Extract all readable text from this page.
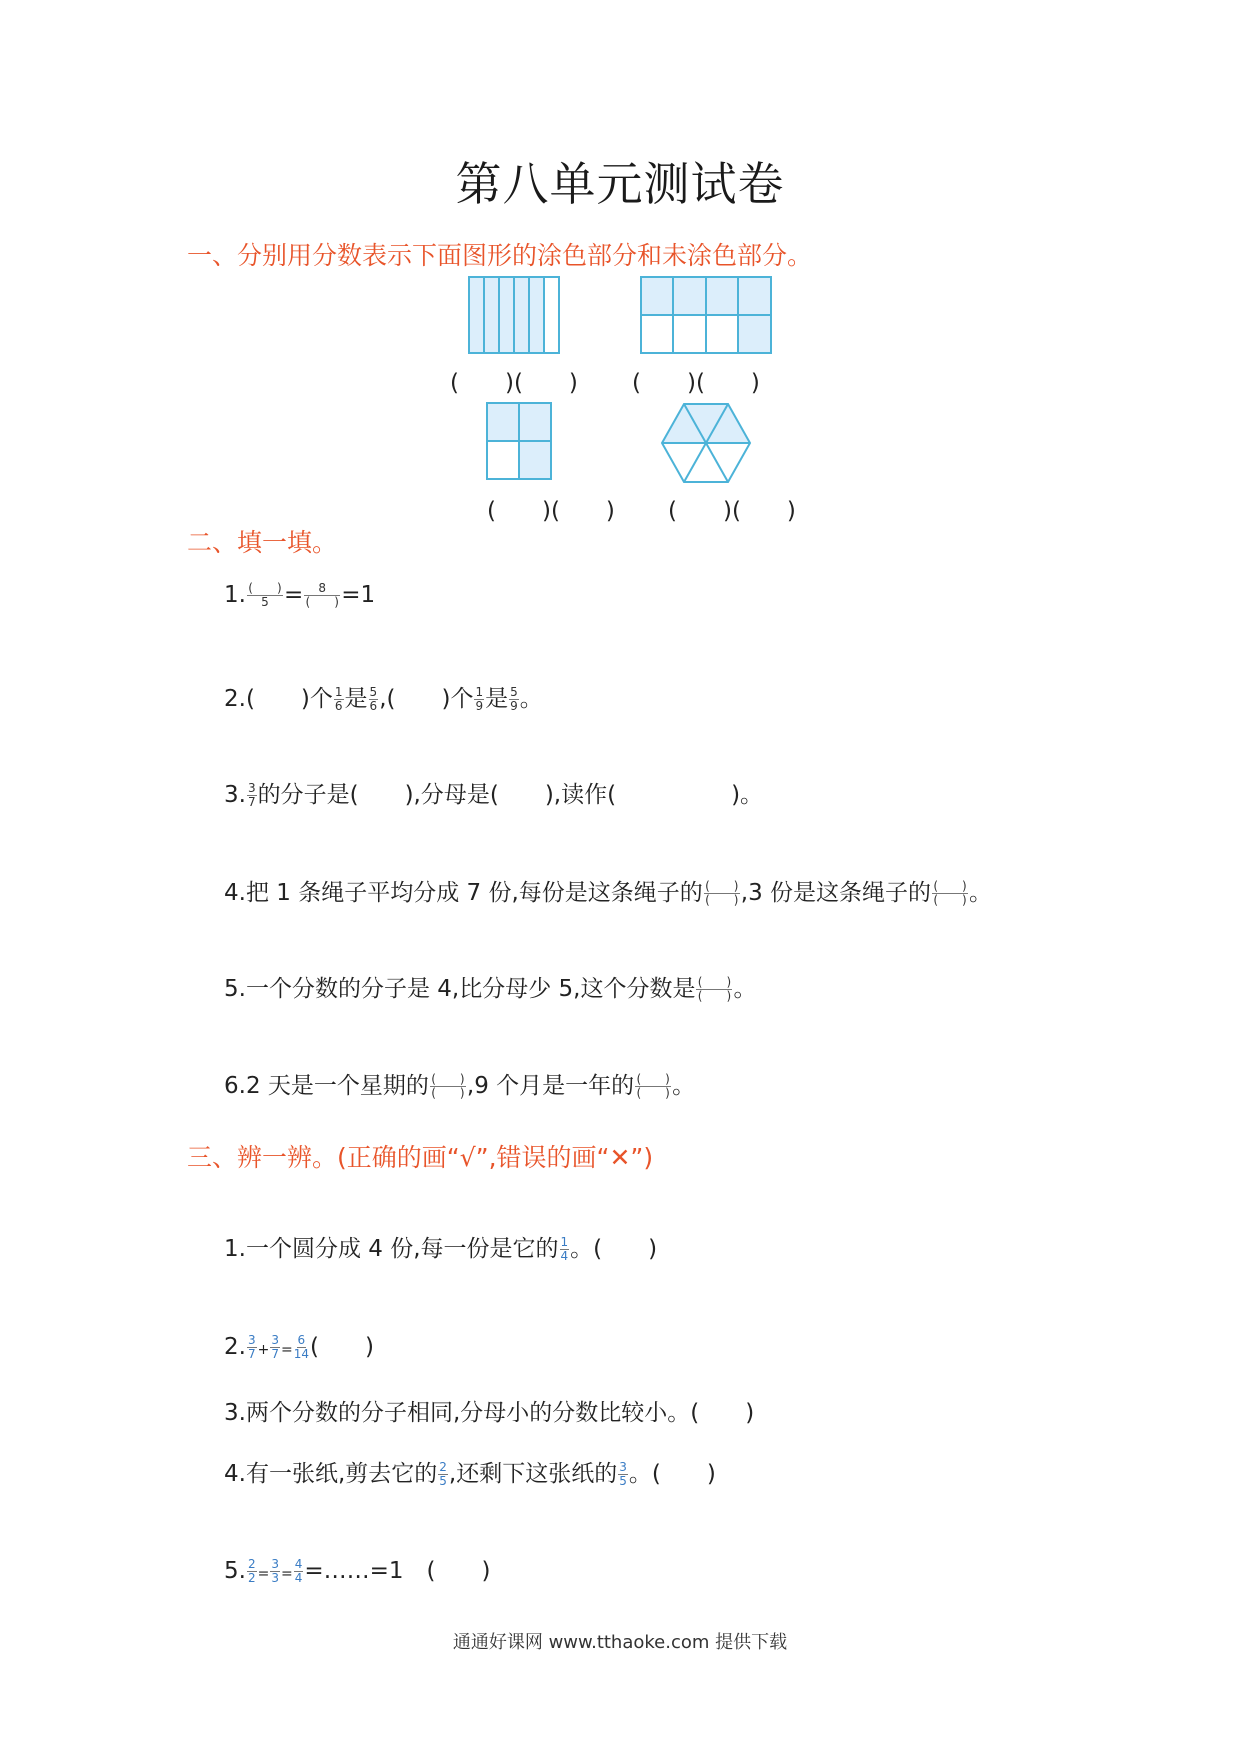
第八单元测试卷
一、分别用分数表示下面图形的涂色部分和未涂色部分。
(　　)(　　) (　　)(　　)
(　　)(　　) (　　)(　　)
二、填一填。
1. $\frac{( )}{5} = \frac{8}{( )} =1$
2.(　　)个 $\frac{1}{6}$ 是 $\frac{5}{6}$ ,(　　)个 $\frac{1}{9}$ 是 $\frac{5}{9}$ 。
3. $\frac{3}{7}$ 的分子是(　　),分母是(　　),读作(　　　　　)。
4.把 1 条绳子平均分成 7 份,每份是这条绳子的 $\frac{( )}{( )} ,3$ 份是这条绳子的 $\frac{( )}{( )}$ 。
5.一个分数的分子是 4,比分母少 5,这个分数是 $\frac{( )}{( )}$ 。
6.2 天是一个星期的 $\frac{( )}{( )} ,9$ 个月是一年的 $\frac{( )}{( )}$ 。
三、辨一辨。(正确的画“√”,错误的画“✕”)
1.一个圆分成 4 份,每一份是它的 $\frac{1}{4}$ 。(　　)
2. $\frac{3}{7} + \frac{3}{7} = \frac{6}{14}$ (　　)
3.两个分数的分子相同,分母小的分数比较小。(　　)
4.有一张纸,剪去它的 $\frac{2}{5}$ ,还剩下这张纸的 $\frac{3}{5}$ 。(　　)
5. $\frac{2}{2} = \frac{3}{3} = \frac{4}{4}$ =……=1　(　　)
通通好课网 www.tthaoke.com 提供下载
